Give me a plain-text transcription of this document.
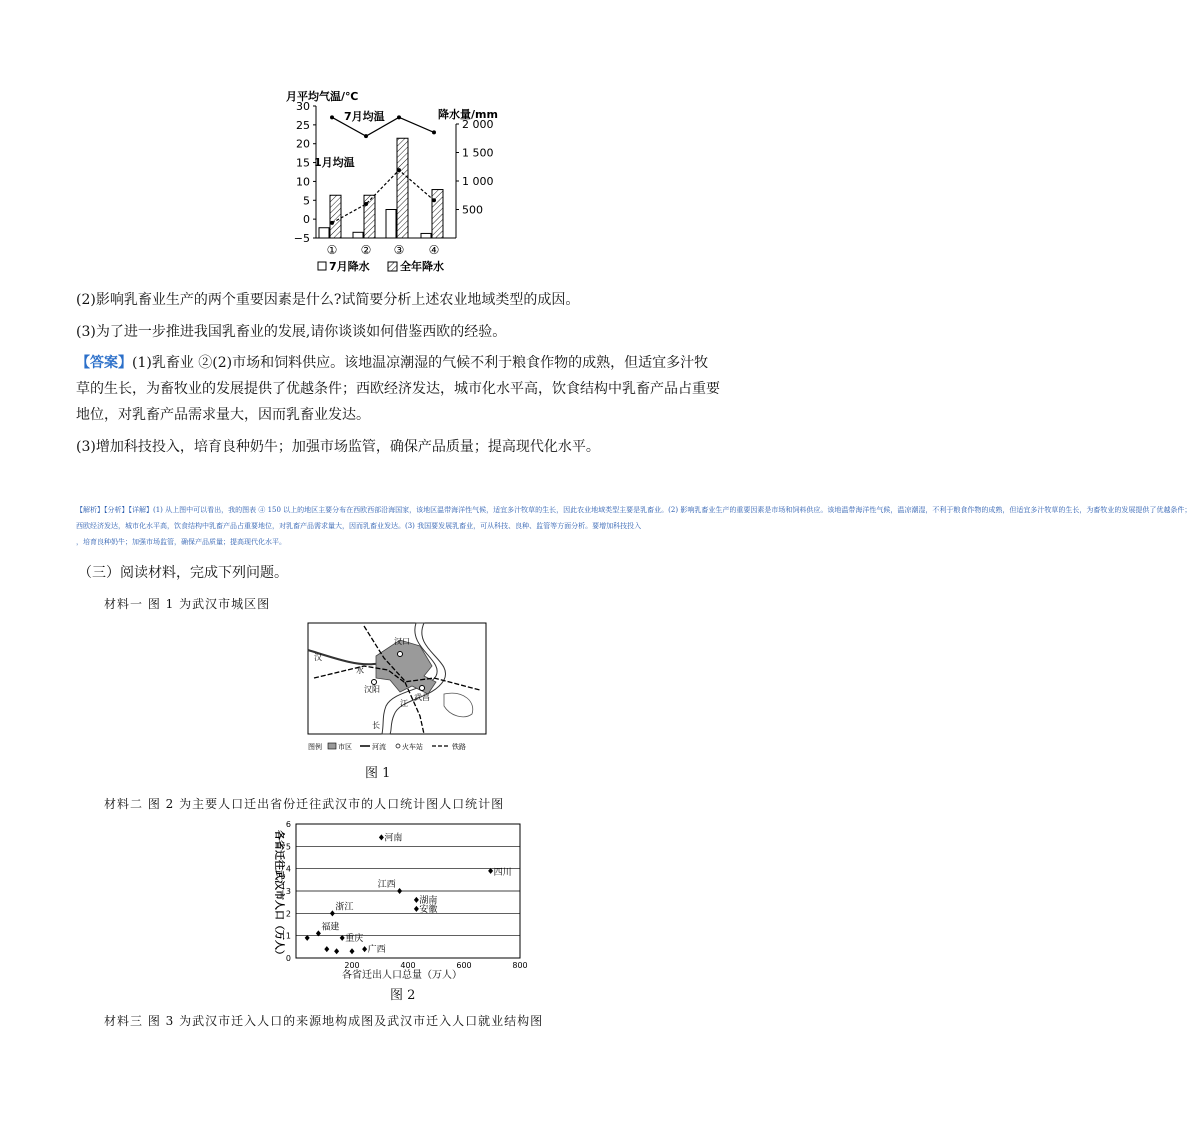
月平均气温/℃
降水量/mm
30
25
20
15
10
5
0
−5
2 000
1 500
1 000
500
① ② ③ ④
7月均温
1月均温
7月降水	全年降水
(2)影响乳畜业生产的两个重要因素是什么?试简要分析上述农业地域类型的成因。
(3)为了进一步推进我国乳畜业的发展,请你谈谈如何借鉴西欧的经验。
【答案】(1)乳畜业 ②(2)市场和饲料供应。该地温凉潮湿的气候不利于粮食作物的成熟，但适宜多汁牧
草的生长，为畜牧业的发展提供了优越条件；西欧经济发达，城市化水平高，饮食结构中乳畜产品占重要
地位，对乳畜产品需求量大，因而乳畜业发达。
(3)增加科技投入，培育良种奶牛；加强市场监管，确保产品质量；提高现代化水平。
【解析】【分析】【详解】(1) 从上图中可以看出，我的图表 ④ 150 以上的地区主要分布在西欧西部沿海国家，该地区温带海洋性气候，适宜多汁牧草的生长，因此农业地域类型主要是乳畜业。(2) 影响乳畜业生产的重要因素是市场和饲料供应。该地温带海洋性气候，温凉潮湿，不利于粮食作物的成熟，但适宜多汁牧草的生长，为畜牧业的发展提供了优越条件；
西欧经济发达，城市化水平高，饮食结构中乳畜产品占重要地位，对乳畜产品需求量大，因而乳畜业发达。(3) 我国要发展乳畜业，可从科技、良种、监管等方面分析。要增加科技投入
，培育良种奶牛；加强市场监管，确保产品质量；提高现代化水平。
（三）阅读材料，完成下列问题。
材料一 图 1 为武汉市城区图
汉口
汉
水
汉阳
武昌
江
长
图例 市区	河流 火车站	铁路
图 1
材料二 图 2 为主要人口迁出省份迁往武汉市的人口统计图人口统计图
各省迁往武汉市人口（万人）
6
5
4
3
2
1
0
200	400	600	800
河南
四川
江西
湖南
安徽
浙江
福建
重庆
广西
各省迁出人口总量（万人）
图 2
材料三 图 3 为武汉市迁入人口的来源地构成图及武汉市迁入人口就业结构图
